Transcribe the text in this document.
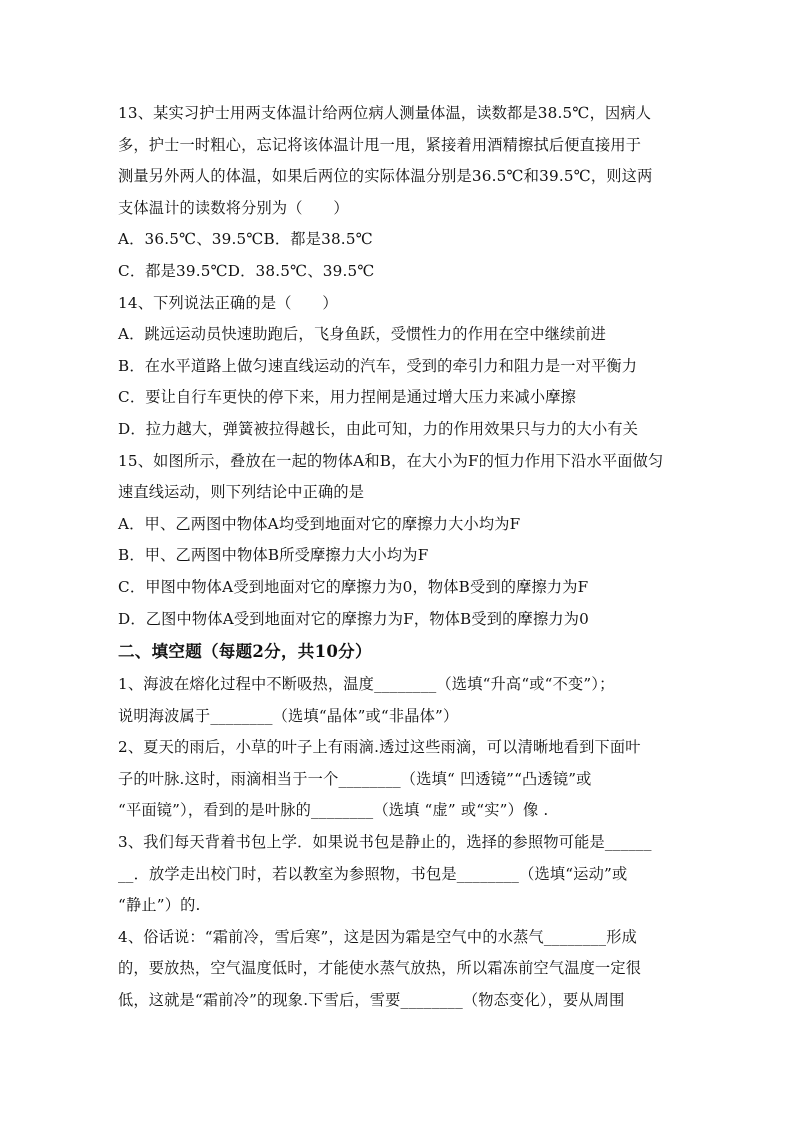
13、某实习护士用两支体温计给两位病人测量体温，读数都是38.5℃，因病人
多，护士一时粗心，忘记将该体温计甩一甩，紧接着用酒精擦拭后便直接用于
测量另外两人的体温，如果后两位的实际体温分别是36.5℃和39.5℃，则这两
支体温计的读数将分别为（　　）
A．36.5℃、39.5℃B．都是38.5℃
C．都是39.5℃D．38.5℃、39.5℃
14、下列说法正确的是（　　）
A．跳远运动员快速助跑后，飞身鱼跃，受惯性力的作用在空中继续前进
B．在水平道路上做匀速直线运动的汽车，受到的牵引力和阻力是一对平衡力
C．要让自行车更快的停下来，用力捏闸是通过增大压力来减小摩擦
D．拉力越大，弹簧被拉得越长，由此可知，力的作用效果只与力的大小有关
15、如图所示，叠放在一起的物体A和B，在大小为F的恒力作用下沿水平面做匀
速直线运动，则下列结论中正确的是
A．甲、乙两图中物体A均受到地面对它的摩擦力大小均为F
B．甲、乙两图中物体B所受摩擦力大小均为F
C．甲图中物体A受到地面对它的摩擦力为0，物体B受到的摩擦力为F
D．乙图中物体A受到地面对它的摩擦力为F，物体B受到的摩擦力为0
二、填空题（每题2分，共10分）
1、海波在熔化过程中不断吸热，温度________（选填“升高“或“不变”）；
说明海波属于________（选填“晶体”或“非晶体”）
2、夏天的雨后，小草的叶子上有雨滴.透过这些雨滴，可以清晰地看到下面叶
子的叶脉.这时，雨滴相当于一个________（选填“ 凹透镜”“凸透镜”或
“平面镜”），看到的是叶脉的________（选填 “虚” 或“实”）像 .
3、我们每天背着书包上学．如果说书包是静止的，选择的参照物可能是______
__．放学走出校门时，若以教室为参照物，书包是________（选填“运动”或
“静止”）的.
4、俗话说：“霜前冷，雪后寒”，这是因为霜是空气中的水蒸气________形成
的，要放热，空气温度低时，才能使水蒸气放热，所以霜冻前空气温度一定很
低，这就是“霜前冷”的现象.下雪后，雪要________（物态变化），要从周围
